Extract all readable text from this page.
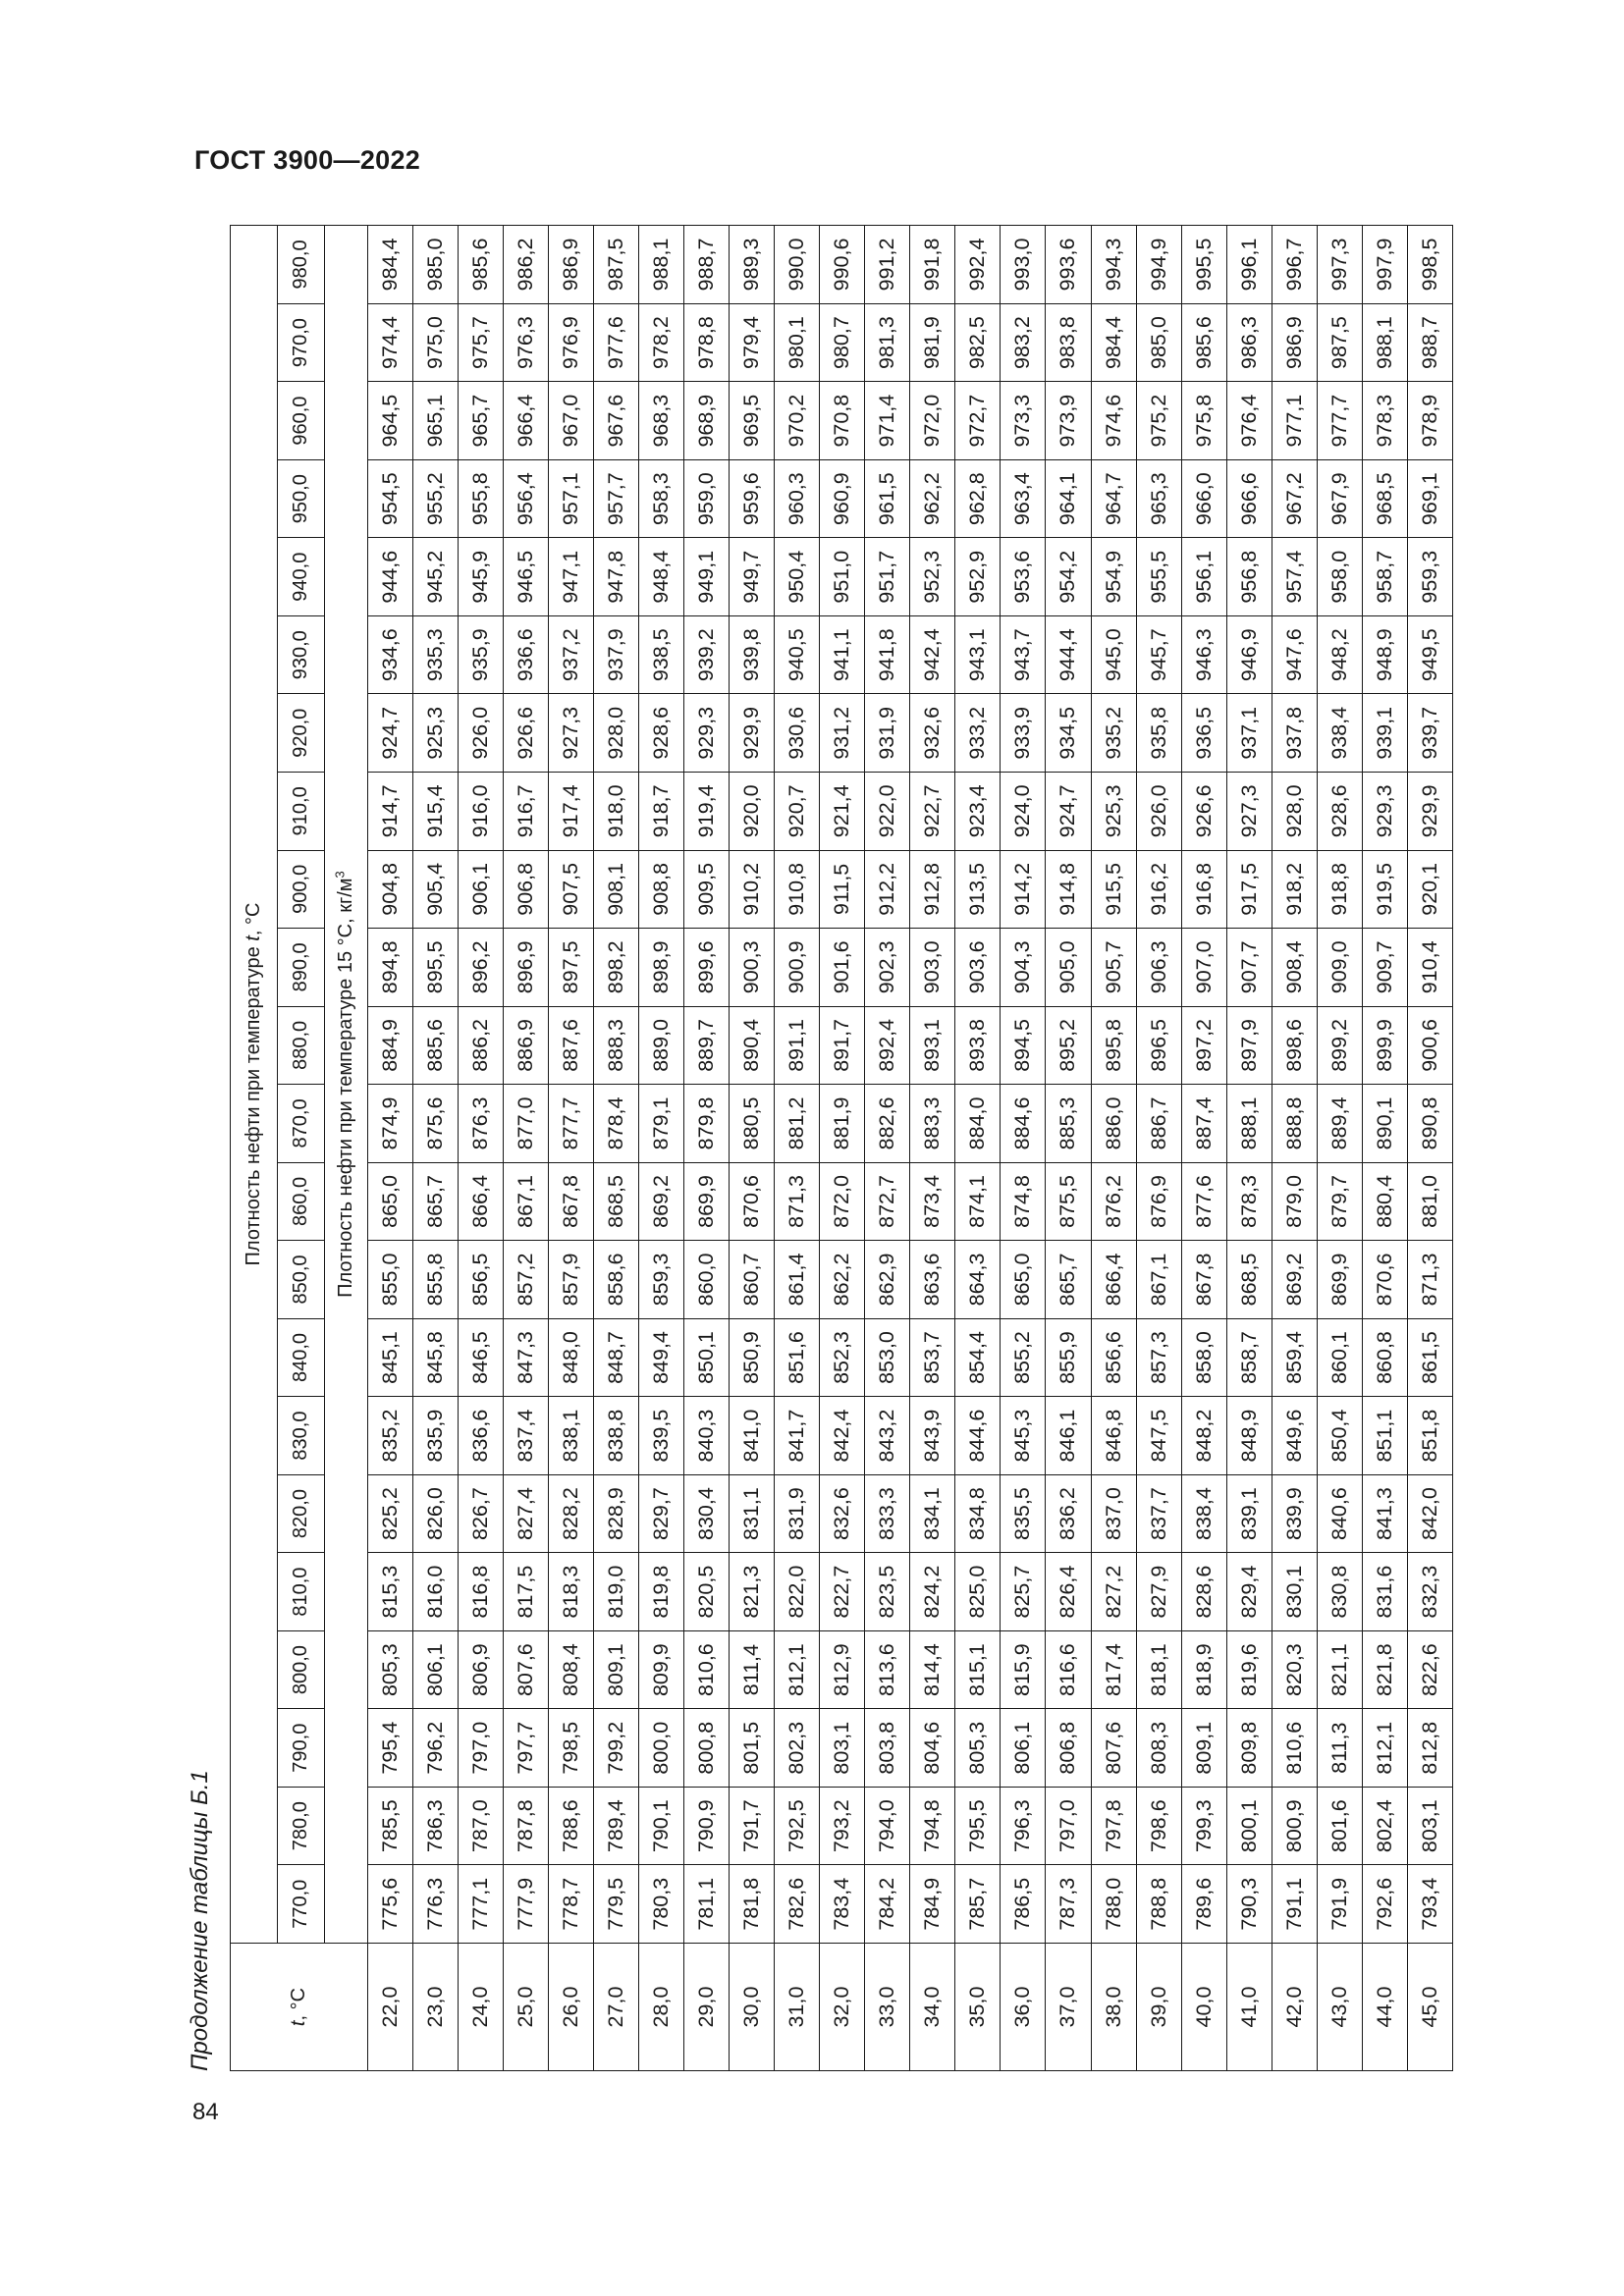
ГОСТ 3900—2022
84
Продолжение таблицы Б.1	t, °C	Плотность нефти при температуре t, °C																					
	770,0	780,0	790,0	800,0	810,0	820,0	830,0	840,0	850,0	860,0	870,0	880,0	890,0	900,0	910,0	920,0	930,0	940,0	950,0	960,0	970,0	980,0
	Плотность нефти при температуре 15 °C, $кг/м^3$
22,0	775,6	785,5	795,4	805,3	815,3	825,2	835,2	845,1	855,0	865,0	874,9	884,9	894,8	904,8	914,7	924,7	934,6	944,6	954,5	964,5	974,4	984,4
23,0	776,3	786,3	796,2	806,1	816,0	826,0	835,9	845,8	855,8	865,7	875,6	885,6	895,5	905,4	915,4	925,3	935,3	945,2	955,2	965,1	975,0	985,0
24,0	777,1	787,0	797,0	806,9	816,8	826,7	836,6	846,5	856,5	866,4	876,3	886,2	896,2	906,1	916,0	926,0	935,9	945,9	955,8	965,7	975,7	985,6
25,0	777,9	787,8	797,7	807,6	817,5	827,4	837,4	847,3	857,2	867,1	877,0	886,9	896,9	906,8	916,7	926,6	936,6	946,5	956,4	966,4	976,3	986,2
26,0	778,7	788,6	798,5	808,4	818,3	828,2	838,1	848,0	857,9	867,8	877,7	887,6	897,5	907,5	917,4	927,3	937,2	947,1	957,1	967,0	976,9	986,9
27,0	779,5	789,4	799,2	809,1	819,0	828,9	838,8	848,7	858,6	868,5	878,4	888,3	898,2	908,1	918,0	928,0	937,9	947,8	957,7	967,6	977,6	987,5
28,0	780,3	790,1	800,0	809,9	819,8	829,7	839,5	849,4	859,3	869,2	879,1	889,0	898,9	908,8	918,7	928,6	938,5	948,4	958,3	968,3	978,2	988,1
29,0	781,1	790,9	800,8	810,6	820,5	830,4	840,3	850,1	860,0	869,9	879,8	889,7	899,6	909,5	919,4	929,3	939,2	949,1	959,0	968,9	978,8	988,7
30,0	781,8	791,7	801,5	811,4	821,3	831,1	841,0	850,9	860,7	870,6	880,5	890,4	900,3	910,2	920,0	929,9	939,8	949,7	959,6	969,5	979,4	989,3
31,0	782,6	792,5	802,3	812,1	822,0	831,9	841,7	851,6	861,4	871,3	881,2	891,1	900,9	910,8	920,7	930,6	940,5	950,4	960,3	970,2	980,1	990,0
32,0	783,4	793,2	803,1	812,9	822,7	832,6	842,4	852,3	862,2	872,0	881,9	891,7	901,6	911,5	921,4	931,2	941,1	951,0	960,9	970,8	980,7	990,6
33,0	784,2	794,0	803,8	813,6	823,5	833,3	843,2	853,0	862,9	872,7	882,6	892,4	902,3	912,2	922,0	931,9	941,8	951,7	961,5	971,4	981,3	991,2
34,0	784,9	794,8	804,6	814,4	824,2	834,1	843,9	853,7	863,6	873,4	883,3	893,1	903,0	912,8	922,7	932,6	942,4	952,3	962,2	972,0	981,9	991,8
35,0	785,7	795,5	805,3	815,1	825,0	834,8	844,6	854,4	864,3	874,1	884,0	893,8	903,6	913,5	923,4	933,2	943,1	952,9	962,8	972,7	982,5	992,4
36,0	786,5	796,3	806,1	815,9	825,7	835,5	845,3	855,2	865,0	874,8	884,6	894,5	904,3	914,2	924,0	933,9	943,7	953,6	963,4	973,3	983,2	993,0
37,0	787,3	797,0	806,8	816,6	826,4	836,2	846,1	855,9	865,7	875,5	885,3	895,2	905,0	914,8	924,7	934,5	944,4	954,2	964,1	973,9	983,8	993,6
38,0	788,0	797,8	807,6	817,4	827,2	837,0	846,8	856,6	866,4	876,2	886,0	895,8	905,7	915,5	925,3	935,2	945,0	954,9	964,7	974,6	984,4	994,3
39,0	788,8	798,6	808,3	818,1	827,9	837,7	847,5	857,3	867,1	876,9	886,7	896,5	906,3	916,2	926,0	935,8	945,7	955,5	965,3	975,2	985,0	994,9
40,0	789,6	799,3	809,1	818,9	828,6	838,4	848,2	858,0	867,8	877,6	887,4	897,2	907,0	916,8	926,6	936,5	946,3	956,1	966,0	975,8	985,6	995,5
41,0	790,3	800,1	809,8	819,6	829,4	839,1	848,9	858,7	868,5	878,3	888,1	897,9	907,7	917,5	927,3	937,1	946,9	956,8	966,6	976,4	986,3	996,1
42,0	791,1	800,9	810,6	820,3	830,1	839,9	849,6	859,4	869,2	879,0	888,8	898,6	908,4	918,2	928,0	937,8	947,6	957,4	967,2	977,1	986,9	996,7
43,0	791,9	801,6	811,3	821,1	830,8	840,6	850,4	860,1	869,9	879,7	889,4	899,2	909,0	918,8	928,6	938,4	948,2	958,0	967,9	977,7	987,5	997,3
44,0	792,6	802,4	812,1	821,8	831,6	841,3	851,1	860,8	870,6	880,4	890,1	899,9	909,7	919,5	929,3	939,1	948,9	958,7	968,5	978,3	988,1	997,9
45,0	793,4	803,1	812,8	822,6	832,3	842,0	851,8	861,5	871,3	881,0	890,8	900,6	910,4	920,1	929,9	939,7	949,5	959,3	969,1	978,9	988,7	998,5
